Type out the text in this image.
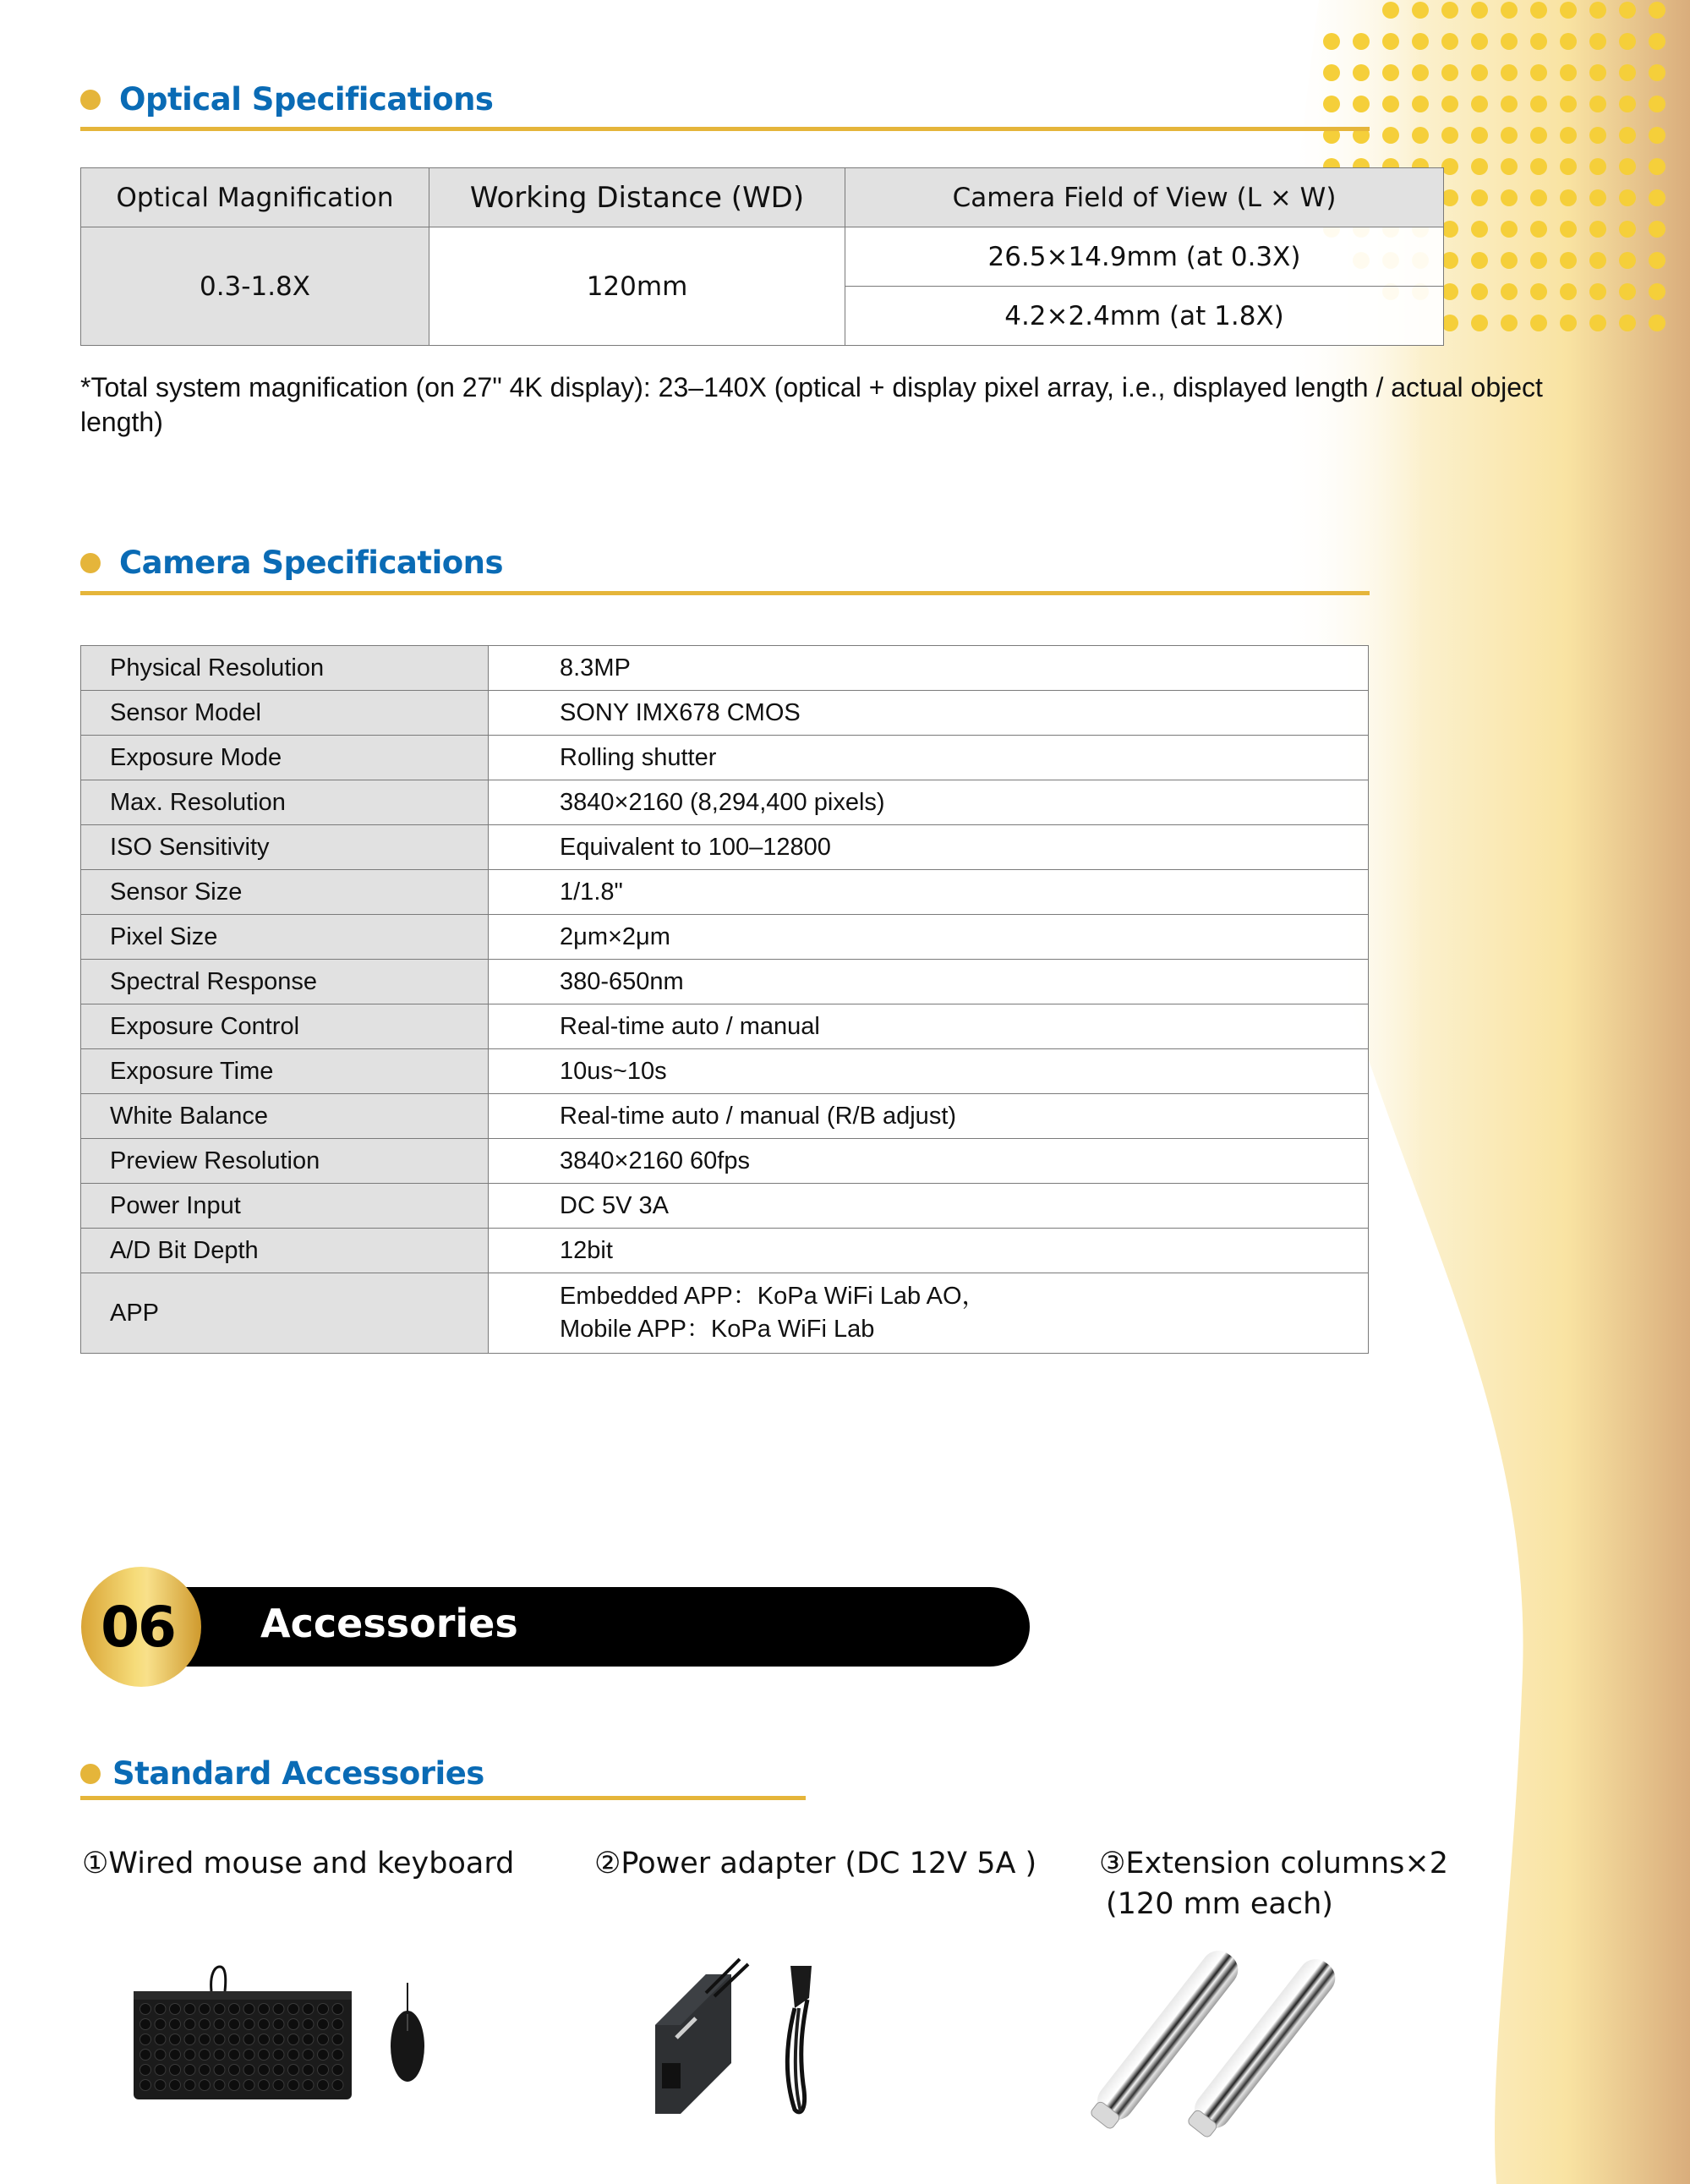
Optical Specifications
Optical Magnification	Working Distance (WD)	Camera Field of View (L × W)
0.3-1.8X	120mm	26.5×14.9mm (at 0.3X)
		4.2×2.4mm (at 1.8X)
*Total system magnification (on 27" 4K display): 23–140X (optical + display pixel array, i.e., displayed length / actual object length)
Camera Specifications
Physical Resolution	8.3MP
Sensor Model	SONY IMX678 CMOS
Exposure Mode	Rolling shutter
Max. Resolution	3840×2160 (8,294,400 pixels)
ISO Sensitivity	Equivalent to 100–12800
Sensor Size	1/1.8"
Pixel Size	2μm×2μm
Spectral Response	380-650nm
Exposure Control	Real-time auto / manual
Exposure Time	10us~10s
White Balance	Real-time auto / manual (R/B adjust)
Preview Resolution	3840×2160 60fps
Power Input	DC 5V 3A
A/D Bit Depth	12bit
APP	Embedded APP：KoPa WiFi Lab AO，
Mobile APP：KoPa WiFi Lab
Accessories
06
Standard Accessories
①Wired mouse and keyboard	②Power adapter (DC 12V 5A ) ③Extension columns×2
(120 mm each)
